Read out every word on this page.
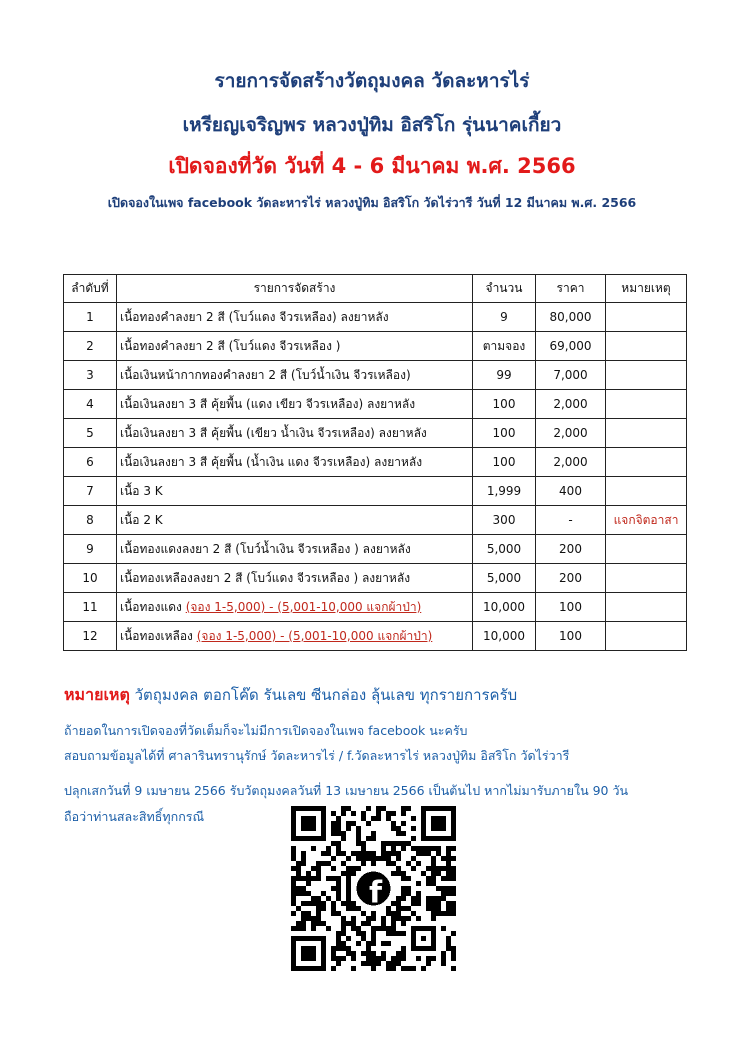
รายการจัดสร้างวัตถุมงคล วัดละหารไร่
เหรียญเจริญพร หลวงปู่ทิม อิสริโก รุ่นนาคเกี้ยว
เปิดจองที่วัด วันที่ 4 - 6 มีนาคม พ.ศ. 2566
เปิดจองในเพจ facebook วัดละหารไร่ หลวงปู่ทิม อิสริโก วัดไร่วารี วันที่ 12 มีนาคม พ.ศ. 2566
ลำดับที่	รายการจัดสร้าง	จำนวน	ราคา	หมายเหตุ
1	เนื้อทองคำลงยา 2 สี (โบว์แดง จีวรเหลือง) ลงยาหลัง	9	80,000	
2	เนื้อทองคำลงยา 2 สี (โบว์แดง จีวรเหลือง )	ตามจอง	69,000	
3	เนื้อเงินหน้ากากทองคำลงยา 2 สี (โบว์น้ำเงิน จีวรเหลือง)	99	7,000	
4	เนื้อเงินลงยา 3 สี คุ้ยพื้น (แดง เขียว จีวรเหลือง) ลงยาหลัง	100	2,000	
5	เนื้อเงินลงยา 3 สี คุ้ยพื้น (เขียว น้ำเงิน จีวรเหลือง) ลงยาหลัง	100	2,000	
6	เนื้อเงินลงยา 3 สี คุ้ยพื้น (น้ำเงิน แดง จีวรเหลือง) ลงยาหลัง	100	2,000	
7	เนื้อ 3 K	1,999	400	
8	เนื้อ 2 K	300	-	แจกจิตอาสา
9	เนื้อทองแดงลงยา 2 สี (โบว์น้ำเงิน จีวรเหลือง ) ลงยาหลัง	5,000	200	
10	เนื้อทองเหลืองลงยา 2 สี (โบว์แดง จีวรเหลือง ) ลงยาหลัง	5,000	200	
11	เนื้อทองแดง (จอง 1-5,000) - (5,001-10,000 แจกผ้าป่า)	10,000	100	
12	เนื้อทองเหลือง (จอง 1-5,000) - (5,001-10,000 แจกผ้าป่า)	10,000	100	
หมายเหตุ วัตถุมงคล ตอกโค๊ด รันเลข ซีนกล่อง ลุ้นเลข ทุกรายการครับ
ถ้ายอดในการเปิดจองที่วัดเต็มก็จะไม่มีการเปิดจองในเพจ facebook นะครับ
สอบถามข้อมูลได้ที่ ศาลารินทรานุรักษ์ วัดละหารไร่ / f.วัดละหารไร่ หลวงปู่ทิม อิสริโก วัดไร่วารี
ปลุกเสกวันที่ 9 เมษายน 2566 รับวัตถุมงคลวันที่ 13 เมษายน 2566 เป็นต้นไป หากไม่มารับภายใน 90 วัน
ถือว่าท่านสละสิทธิ์ทุกกรณี
f
